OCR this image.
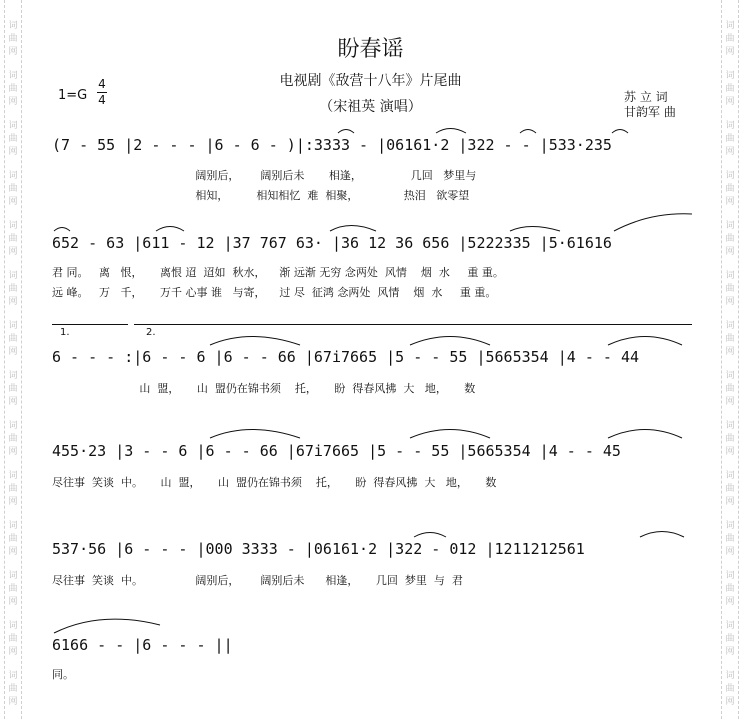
词
曲
网
词
曲
网
词
曲
网
词
曲
网
词
曲
网
词
曲
网
词
曲
网
词
曲
网
词
曲
网
词
曲
网
词
曲
网
词
曲
网
词
曲
网
词
曲
网
词
曲
网
词
曲
网
词
曲
网
词
曲
网
词
曲
网
词
曲
网
词
曲
网
词
曲
网
词
曲
网
词
曲
网
词
曲
网
词
曲
网
词
曲
网
词
曲
网
盼春谣
电视剧《敌营十八年》片尾曲
（宋祖英 演唱）
1=G
4
4	苏 立 词
甘韵军 曲
(7 - 55 |2 - - - |6 - 6 - )|:3333 - |06161·2 |322 - - |533·235
阔别后，      阔别后未       相逢，              几回   梦里与
相知，        相知相忆  难  相聚，             热泪   欲零望
652 - 63 |611 - 12 |37 767 63· |36 12 36 656 |5222335 |5·61616
君 同。   离   恨，     离恨 迢  迢如  秋水，    渐 远渐 无穷 念两处  风情    烟  水     重 重。
远 峰。   万   千，     万千 心事 谁   与寄，    过 尽  征鸿 念两处  风情    烟  水     重 重。
1.	2.
6 - - - :|6 - - 6 |6 - - 66 |67i7665 |5 - - 55 |5665354 |4 - - 44
山  盟，     山  盟仍在锦书须    托，     盼  得春风拂  大   地，     数
455·23 |3 - - 6 |6 - - 66 |67i7665 |5 - - 55 |5665354 |4 - - 45
尽往事  笑谈  中。     山  盟，     山  盟仍在锦书须    托，     盼  得春风拂  大   地，     数
537·56 |6 - - - |000 3333 - |06161·2 |322 - 012 |1211212561
尽往事  笑谈  中。               阔别后，      阔别后未      相逢，     几回  梦里  与  君
6166 - - |6 - - - ||
同。
